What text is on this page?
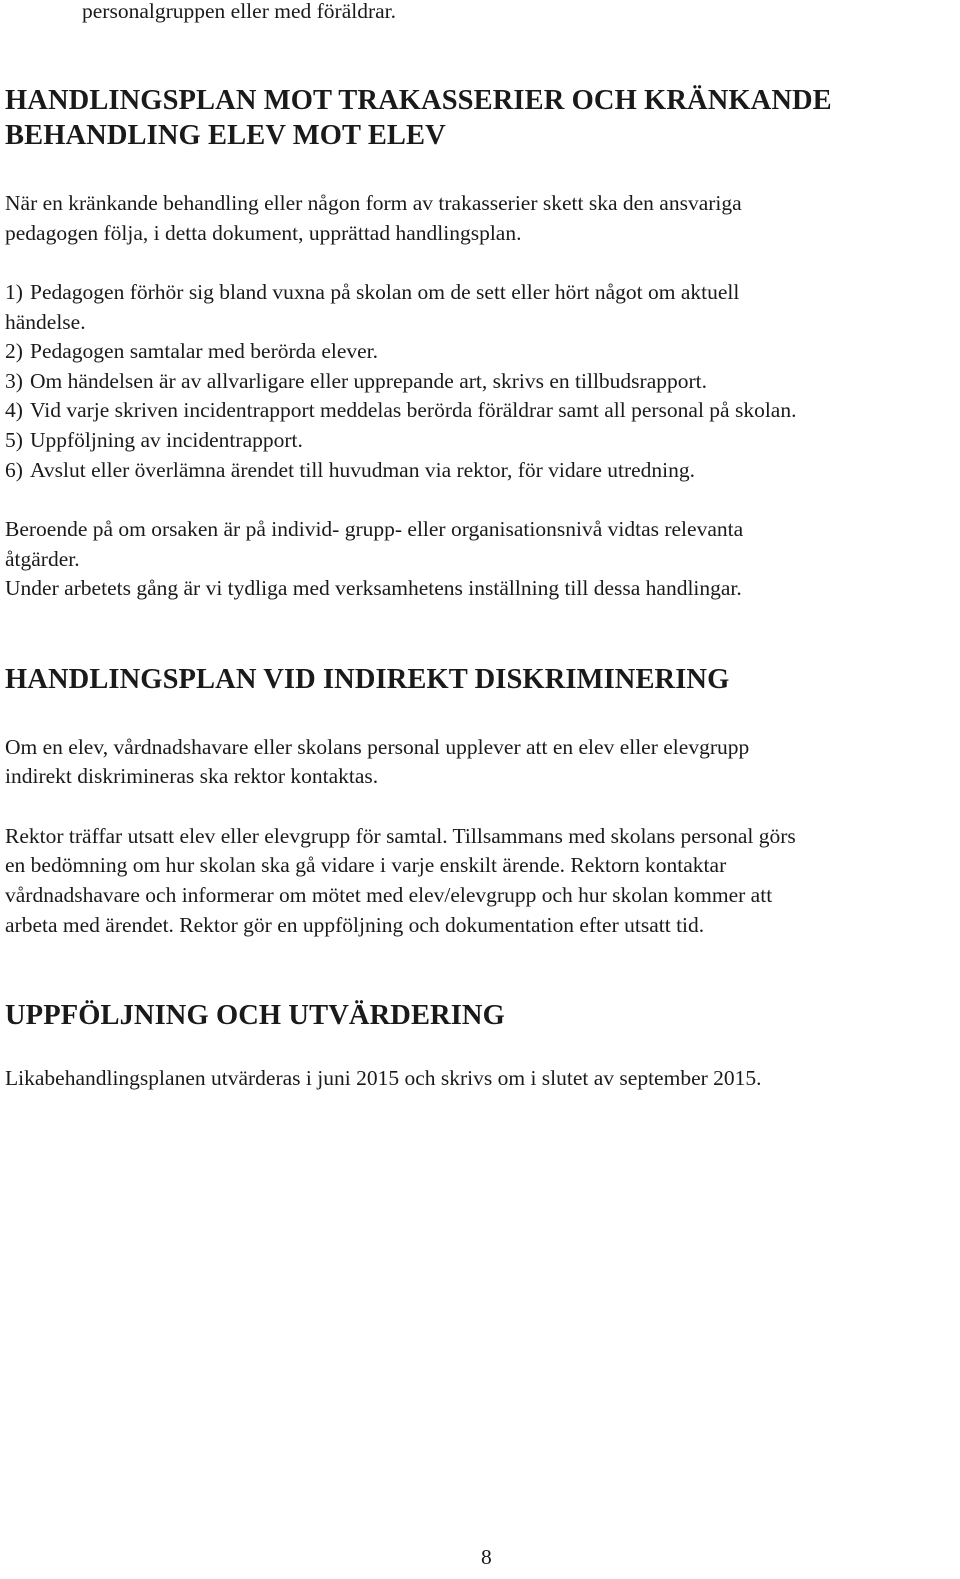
personalgruppen eller med föräldrar.

HANDLINGSPLAN MOT TRAKASSERIER OCH KRÄNKANDE
BEHANDLING ELEV MOT ELEV

När en kränkande behandling eller någon form av trakasserier skett ska den ansvariga

pedagogen följa, i detta dokument, upprättad handlingsplan.

1) Pedagogen förhör sig bland vuxna på skolan om de sett eller hört något om aktuell

händelse.

2) Pedagogen samtalar med berörda elever.

3) Om händelsen är av allvarligare eller upprepande art, skrivs en tillbudsrapport.

4) Vid varje skriven incidentrapport meddelas berörda föräldrar samt all personal på skolan.

5) Uppföljning av incidentrapport.

6) Avslut eller överlämna ärendet till huvudman via rektor, för vidare utredning.

Beroende på om orsaken är på individ- grupp- eller organisationsnivå vidtas relevanta

åtgärder.

Under arbetets gång är vi tydliga med verksamhetens inställning till dessa handlingar.

HANDLINGSPLAN VID INDIREKT DISKRIMINERING

Om en elev, vårdnadshavare eller skolans personal upplever att en elev eller elevgrupp

indirekt diskrimineras ska rektor kontaktas.

Rektor träffar utsatt elev eller elevgrupp för samtal. Tillsammans med skolans personal görs

en bedömning om hur skolan ska gå vidare i varje enskilt ärende. Rektorn kontaktar

vårdnadshavare och informerar om mötet med elev/elevgrupp och hur skolan kommer att

arbeta med ärendet. Rektor gör en uppföljning och dokumentation efter utsatt tid.

UPPFÖLJNING OCH UTVÄRDERING

Likabehandlingsplanen utvärderas i juni 2015 och skrivs om i slutet av september 2015.

8
